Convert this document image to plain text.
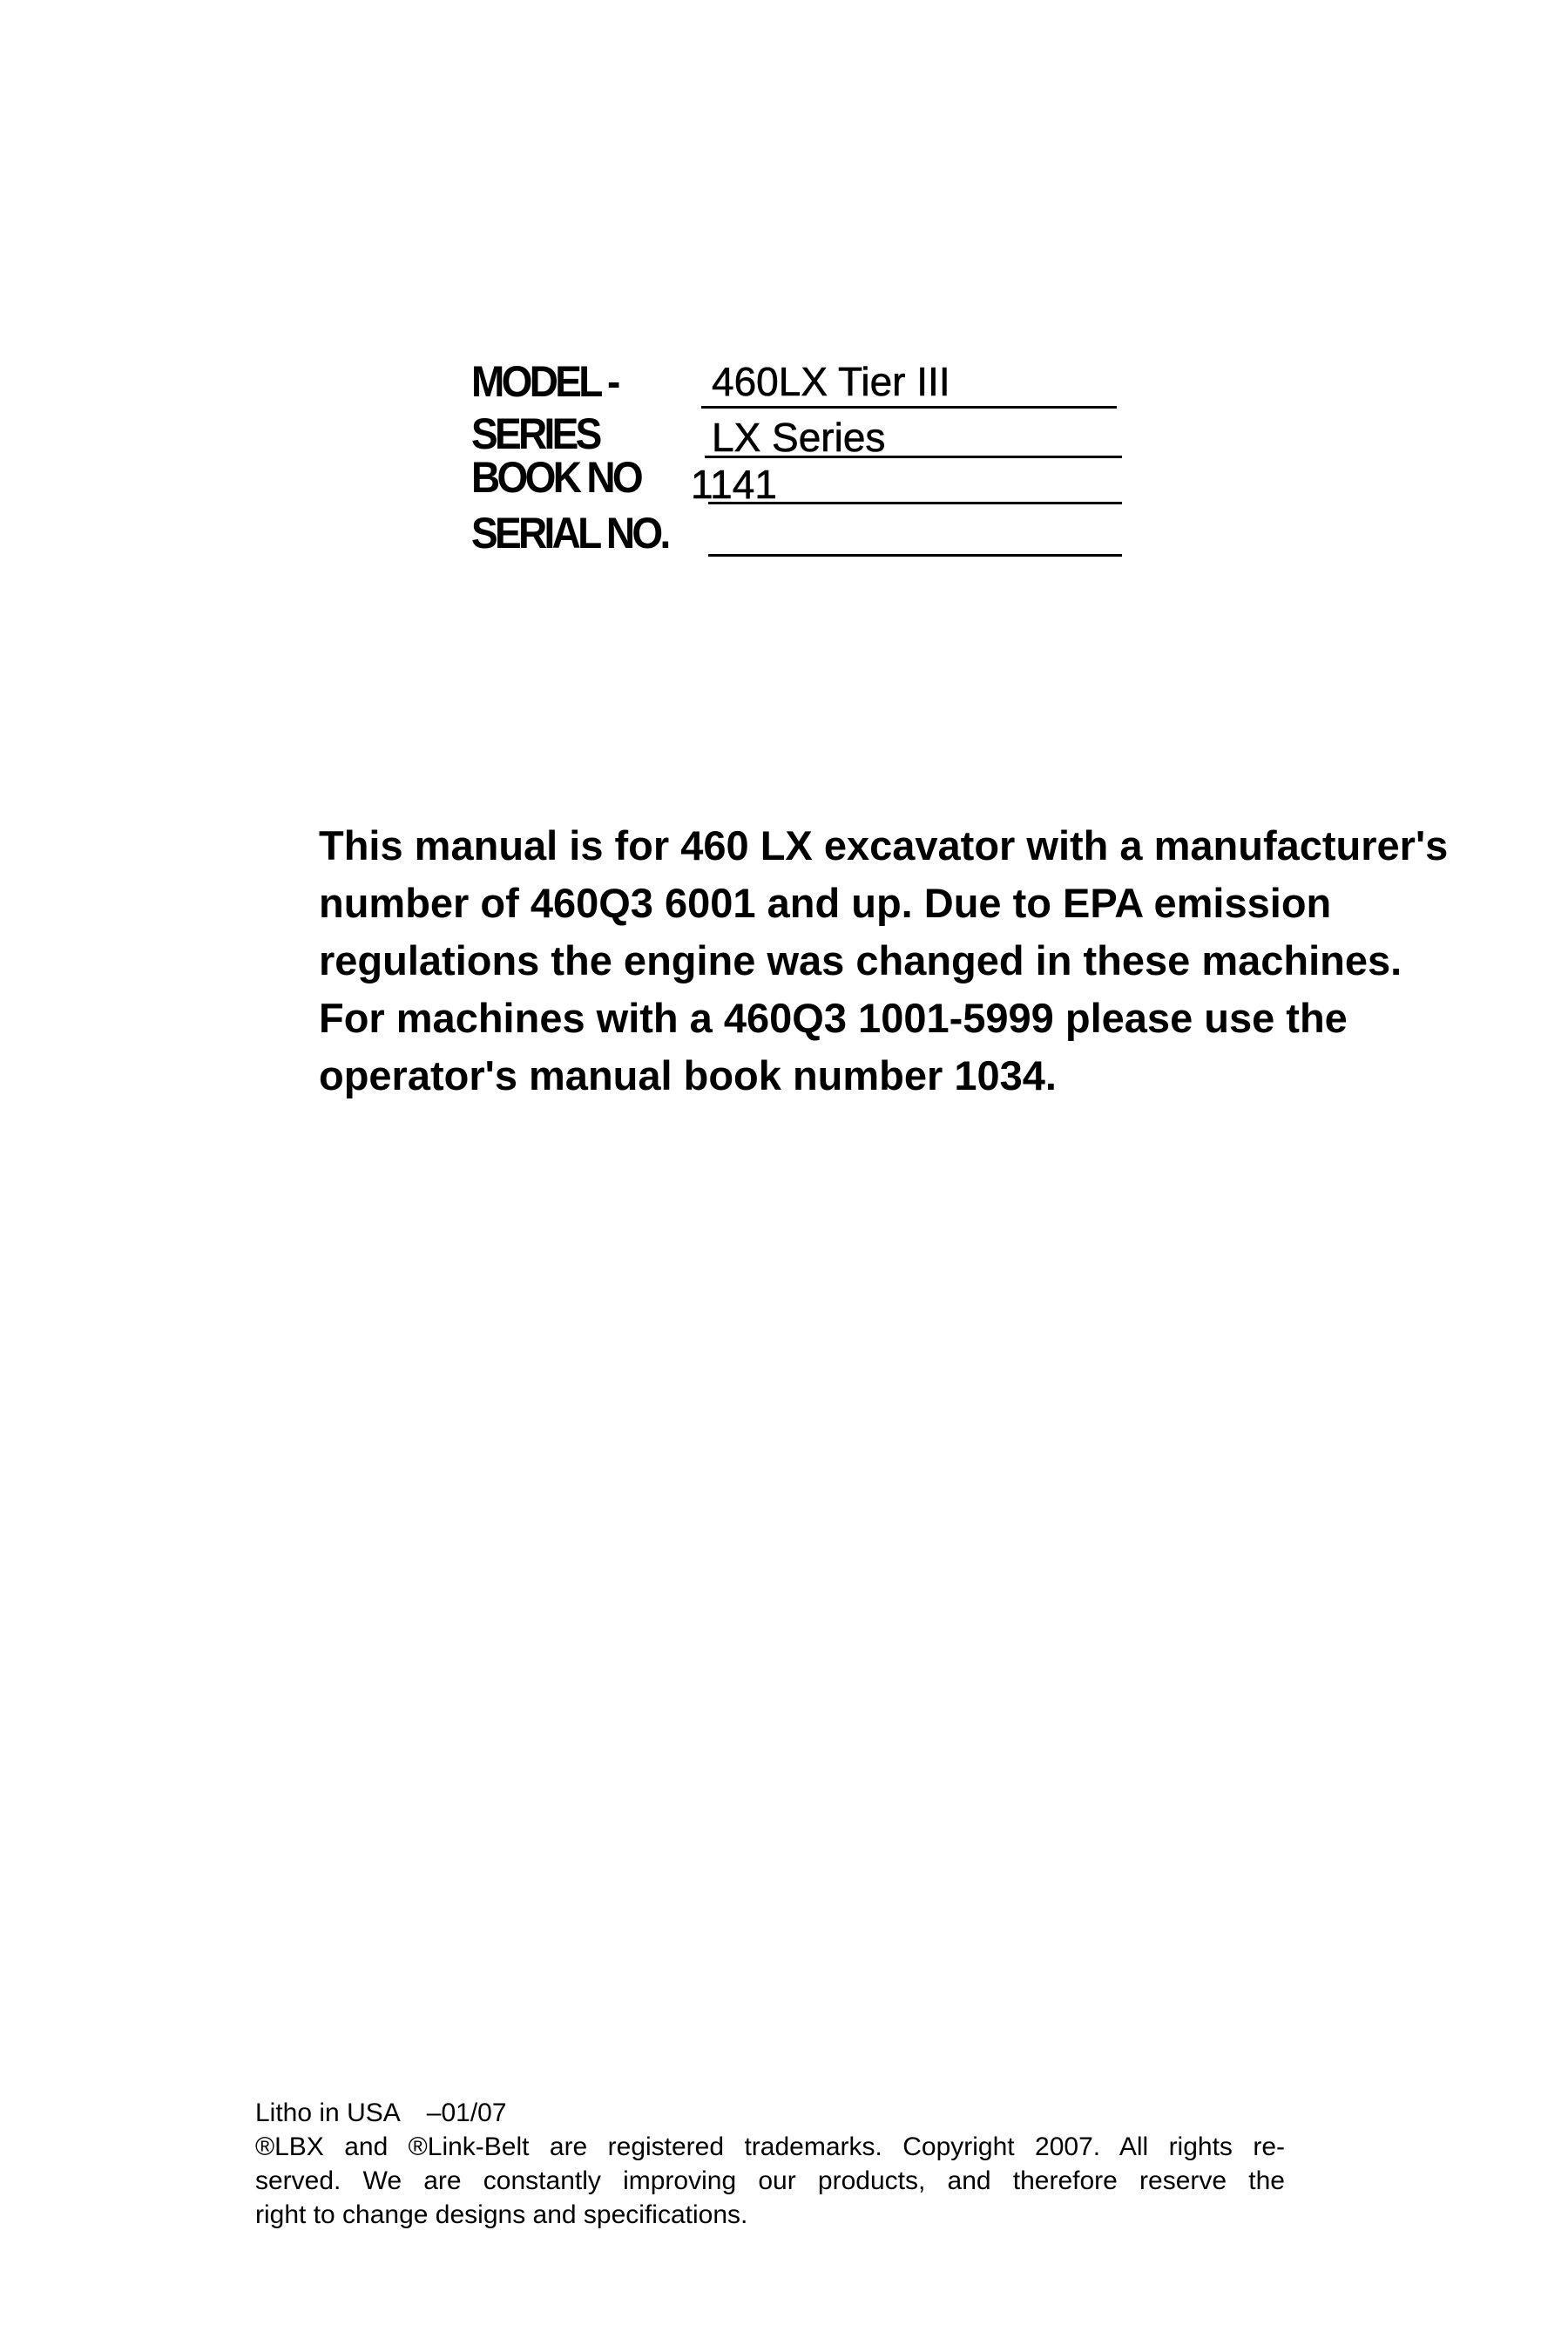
MODEL - 460LX Tier III
SERIES	LX Series
BOOK NO 1141
SERIAL NO.
This manual is for 460 LX excavator with a manufacturer's
number of 460Q3 6001 and up. Due to EPA emission
regulations the engine was changed in these machines.
For machines with a 460Q3 1001-5999 please use the
operator's manual book number 1034.
Litho in USA –01/07
®LBX and ®Link-Belt are registered trademarks. Copyright 2007. All rights re-
served. We are constantly improving our products, and therefore reserve the
right to change designs and specifications.
